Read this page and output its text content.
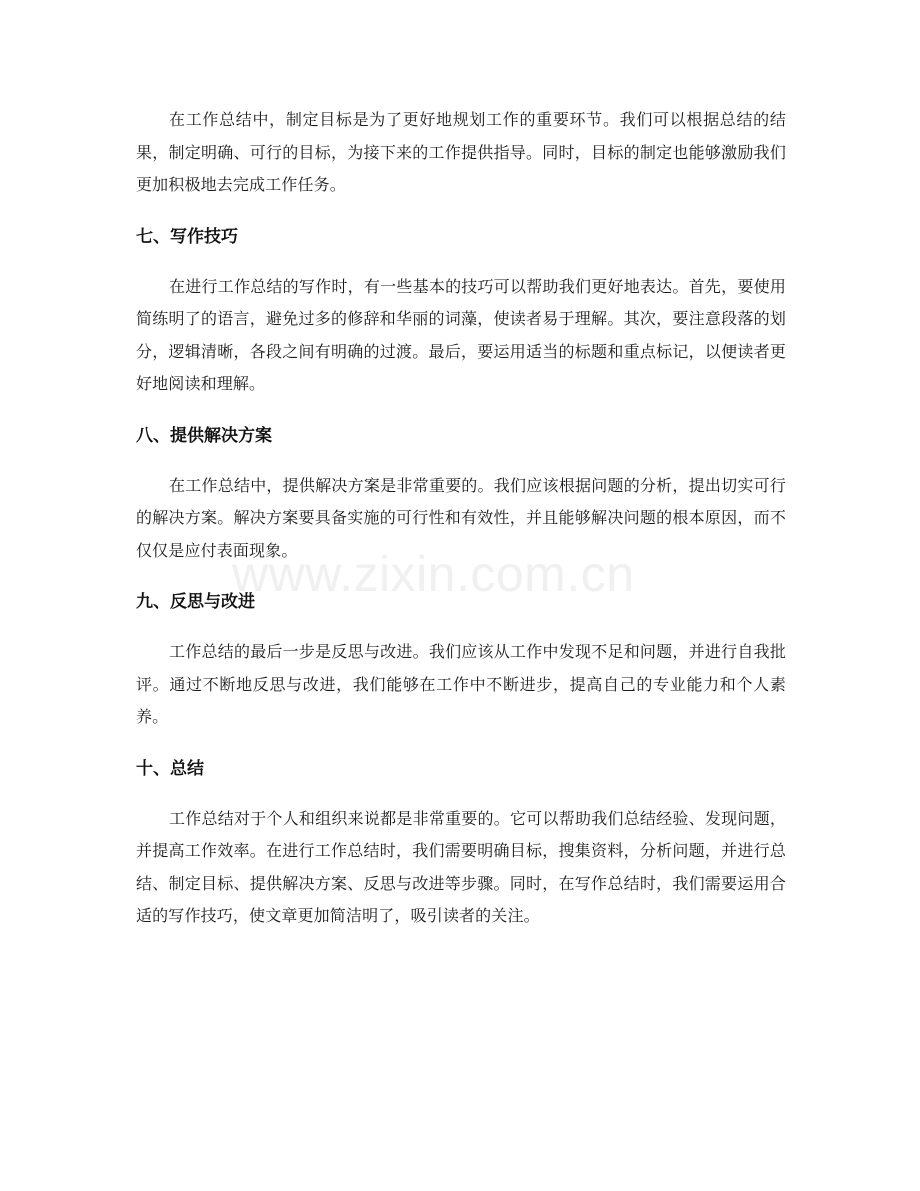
在工作总结中，制定目标是为了更好地规划工作的重要环节。我们可以根据总结的结果，制定明确、可行的目标，为接下来的工作提供指导。同时，目标的制定也能够激励我们更加积极地去完成工作任务。

七、写作技巧

在进行工作总结的写作时，有一些基本的技巧可以帮助我们更好地表达。首先，要使用简练明了的语言，避免过多的修辞和华丽的词藻，使读者易于理解。其次，要注意段落的划分，逻辑清晰，各段之间有明确的过渡。最后，要运用适当的标题和重点标记，以便读者更好地阅读和理解。

八、提供解决方案

在工作总结中，提供解决方案是非常重要的。我们应该根据问题的分析，提出切实可行的解决方案。解决方案要具备实施的可行性和有效性，并且能够解决问题的根本原因，而不仅仅是应付表面现象。

九、反思与改进

工作总结的最后一步是反思与改进。我们应该从工作中发现不足和问题，并进行自我批评。通过不断地反思与改进，我们能够在工作中不断进步，提高自己的专业能力和个人素养。

十、总结

工作总结对于个人和组织来说都是非常重要的。它可以帮助我们总结经验、发现问题，并提高工作效率。在进行工作总结时，我们需要明确目标，搜集资料，分析问题，并进行总结、制定目标、提供解决方案、反思与改进等步骤。同时，在写作总结时，我们需要运用合适的写作技巧，使文章更加简洁明了，吸引读者的关注。

www.zixin.com.cn
